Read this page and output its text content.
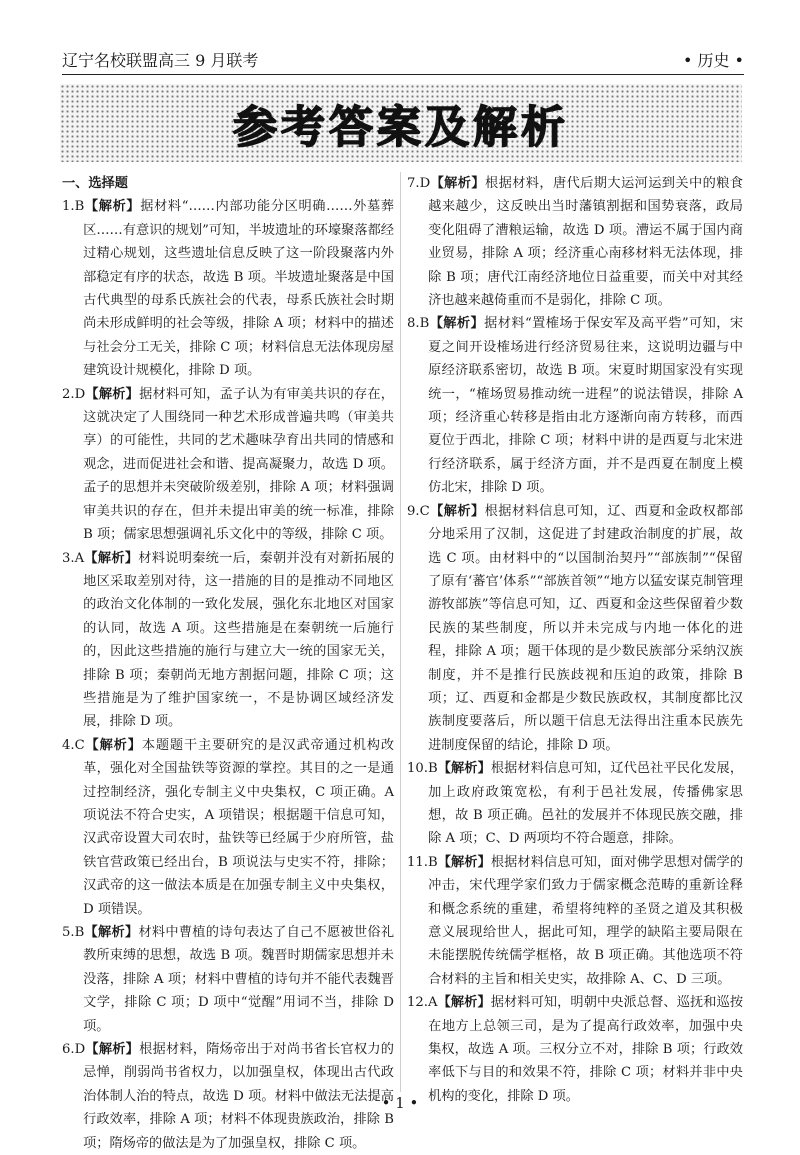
辽宁名校联盟高三 9 月联考	• 历史 •
参考答案及解析
一、选择题
1.B【解析】据材料“……内部功能分区明确……外墓葬区……有意识的规划”可知，半坡遗址的环壕聚落都经过精心规划，这些遗址信息反映了这一阶段聚落内外部稳定有序的状态，故选 B 项。半坡遗址聚落是中国古代典型的母系氏族社会的代表，母系氏族社会时期尚未形成鲜明的社会等级，排除 A 项；材料中的描述与社会分工无关，排除 C 项；材料信息无法体现房屋建筑设计规模化，排除 D 项。
2.D【解析】据材料可知，孟子认为有审美共识的存在，这就决定了人围绕同一种艺术形成普遍共鸣（审美共享）的可能性，共同的艺术趣味孕育出共同的情感和观念，进而促进社会和谐、提高凝聚力，故选 D 项。孟子的思想并未突破阶级差别，排除 A 项；材料强调审美共识的存在，但并未提出审美的统一标准，排除 B 项；儒家思想强调礼乐文化中的等级，排除 C 项。
3.A【解析】材料说明秦统一后，秦朝并没有对新拓展的地区采取差别对待，这一措施的目的是推动不同地区的政治文化体制的一致化发展，强化东北地区对国家的认同，故选 A 项。这些措施是在秦朝统一后施行的，因此这些措施的施行与建立大一统的国家无关，排除 B 项；秦朝尚无地方割据问题，排除 C 项；这些措施是为了维护国家统一，不是协调区域经济发展，排除 D 项。
4.C【解析】本题题干主要研究的是汉武帝通过机构改革，强化对全国盐铁等资源的掌控。其目的之一是通过控制经济，强化专制主义中央集权，C 项正确。A 项说法不符合史实，A 项错误；根据题干信息可知，汉武帝设置大司农时，盐铁等已经属于少府所管，盐铁官营政策已经出台，B 项说法与史实不符，排除；汉武帝的这一做法本质是在加强专制主义中央集权，D 项错误。
5.B【解析】材料中曹植的诗句表达了自己不愿被世俗礼教所束缚的思想，故选 B 项。魏晋时期儒家思想并未没落，排除 A 项；材料中曹植的诗句并不能代表魏晋文学，排除 C 项；D 项中“觉醒”用词不当，排除 D 项。
6.D【解析】根据材料，隋炀帝出于对尚书省长官权力的忌惮，削弱尚书省权力，以加强皇权，体现出古代政治体制人治的特点，故选 D 项。材料中做法无法提高行政效率，排除 A 项；材料不体现贵族政治，排除 B 项；隋炀帝的做法是为了加强皇权，排除 C 项。
7.D【解析】根据材料，唐代后期大运河运到关中的粮食越来越少，这反映出当时藩镇割据和国势衰落，政局变化阻碍了漕粮运输，故选 D 项。漕运不属于国内商业贸易，排除 A 项；经济重心南移材料无法体现，排除 B 项；唐代江南经济地位日益重要，而关中对其经济也越来越倚重而不是弱化，排除 C 项。
8.B【解析】据材料“置榷场于保安军及高平砦”可知，宋夏之间开设榷场进行经济贸易往来，这说明边疆与中原经济联系密切，故选 B 项。宋夏时期国家没有实现统一，“榷场贸易推动统一进程”的说法错误，排除 A 项；经济重心转移是指由北方逐渐向南方转移，而西夏位于西北，排除 C 项；材料中讲的是西夏与北宋进行经济联系，属于经济方面，并不是西夏在制度上模仿北宋，排除 D 项。
9.C【解析】根据材料信息可知，辽、西夏和金政权都部分地采用了汉制，这促进了封建政治制度的扩展，故选 C 项。由材料中的“以国制治契丹”“部族制”“保留了原有‘蕃官’体系”“部族首领”“地方以猛安谋克制管理游牧部族”等信息可知，辽、西夏和金这些保留着少数民族的某些制度，所以并未完成与内地一体化的进程，排除 A 项；题干体现的是少数民族部分采纳汉族制度，并不是推行民族歧视和压迫的政策，排除 B 项；辽、西夏和金都是少数民族政权，其制度都比汉族制度要落后，所以题干信息无法得出注重本民族先进制度保留的结论，排除 D 项。
10.B【解析】根据材料信息可知，辽代邑社平民化发展，加上政府政策宽松，有利于邑社发展，传播佛家思想，故 B 项正确。邑社的发展并不体现民族交融，排除 A 项；C、D 两项均不符合题意，排除。
11.B【解析】根据材料信息可知，面对佛学思想对儒学的冲击，宋代理学家们致力于儒家概念范畴的重新诠释和概念系统的重建，希望将纯粹的圣贤之道及其积极意义展现给世人，据此可知，理学的缺陷主要局限在未能摆脱传统儒学框格，故 B 项正确。其他选项不符合材料的主旨和相关史实，故排除 A、C、D 三项。
12.A【解析】据材料可知，明朝中央派总督、巡抚和巡按在地方上总领三司，是为了提高行政效率，加强中央集权，故选 A 项。三权分立不对，排除 B 项；行政效率低下与目的和效果不符，排除 C 项；材料并非中央机构的变化，排除 D 项。
• 1 •
